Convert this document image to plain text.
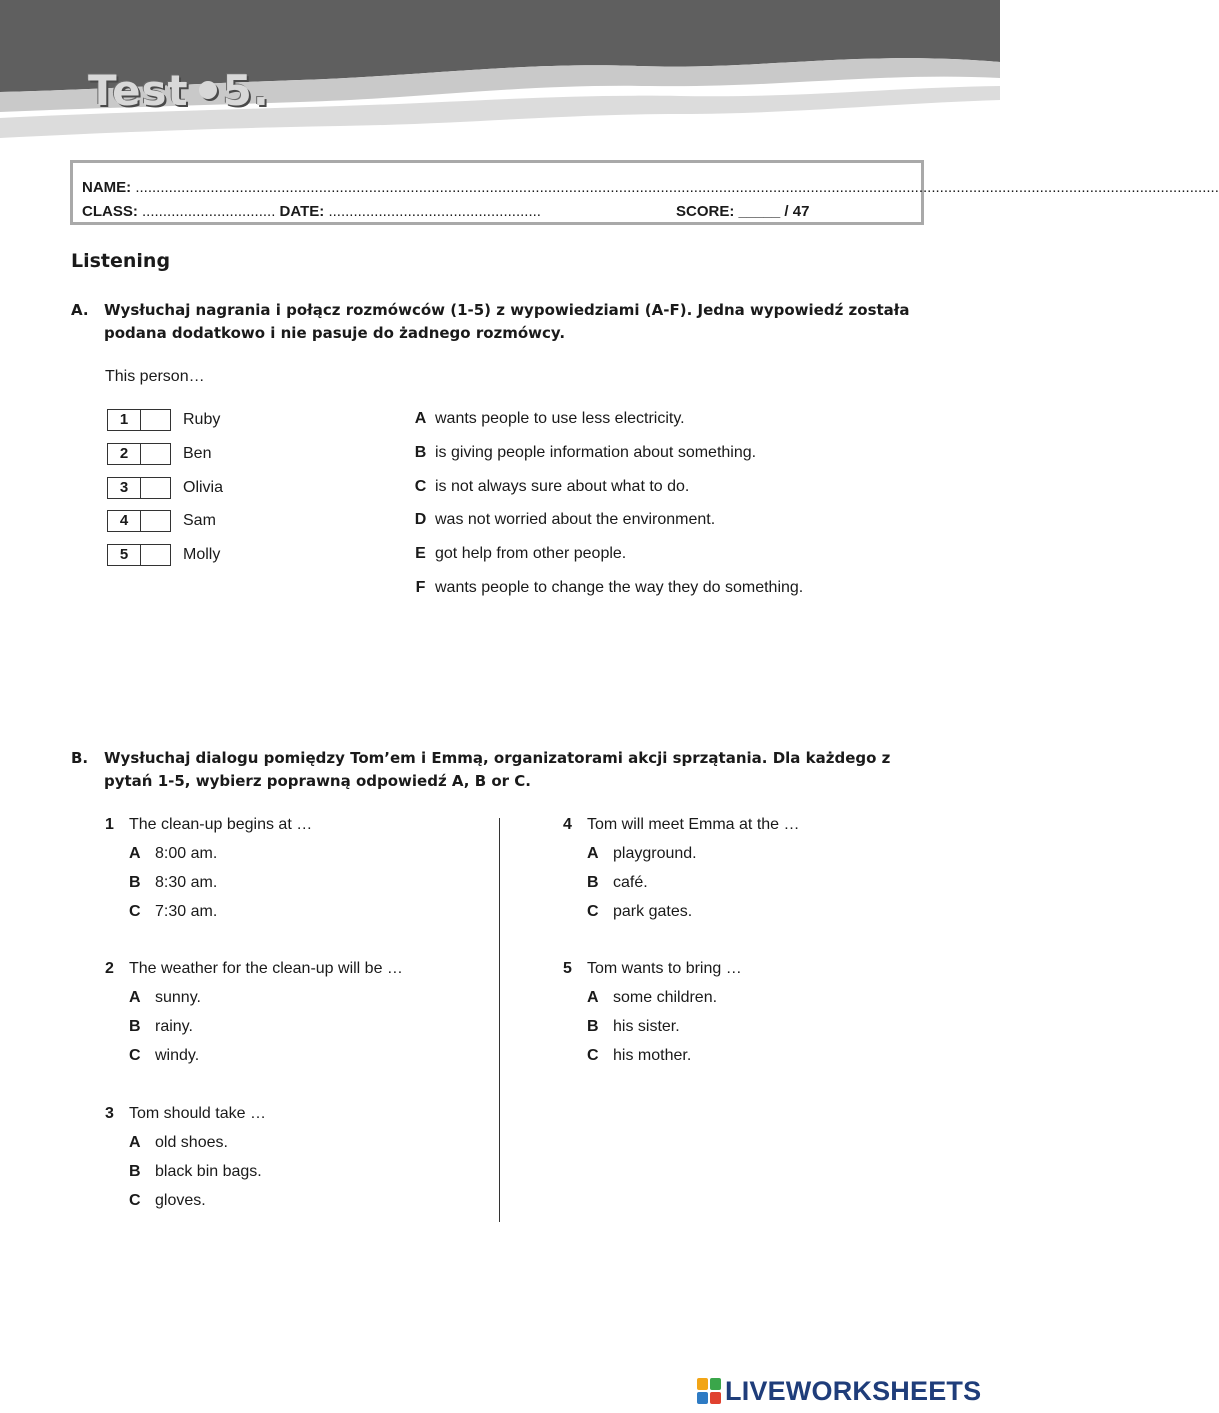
Test 5.
NAME:
....................................................................................................................................................................................................................................................................
CLASS: ................................ DATE: ...................................................	SCORE: _____ / 47
Listening
A. Wysłuchaj nagrania i połącz rozmówców (1-5) z wypowiedziami (A-F). Jedna wypowiedź została podana dodatkowo i nie pasuje do żadnego rozmówcy.
This person…
1	Ruby
2	Ben
3	Olivia
4	Sam
5	Molly
A wants people to use less electricity.
B is giving people information about something.
C is not always sure about what to do.
D was not worried about the environment.
E got help from other people.
F wants people to change the way they do something.
B. Wysłuchaj dialogu pomiędzy Tom’em i Emmą, organizatorami akcji sprzątania. Dla każdego z pytań 1-5, wybierz poprawną odpowiedź A, B or C.
1 The clean-up begins at …
A 8:00 am.
B 8:30 am.
C 7:30 am.
2 The weather for the clean-up will be …
A sunny.
B rainy.
C windy.
3 Tom should take …
A old shoes.
B black bin bags.
C gloves.
4 Tom will meet Emma at the …
A playground.
B café.
C park gates.
5 Tom wants to bring …
A some children.
B his sister.
C his mother.
LIVEWORKSHEETS
